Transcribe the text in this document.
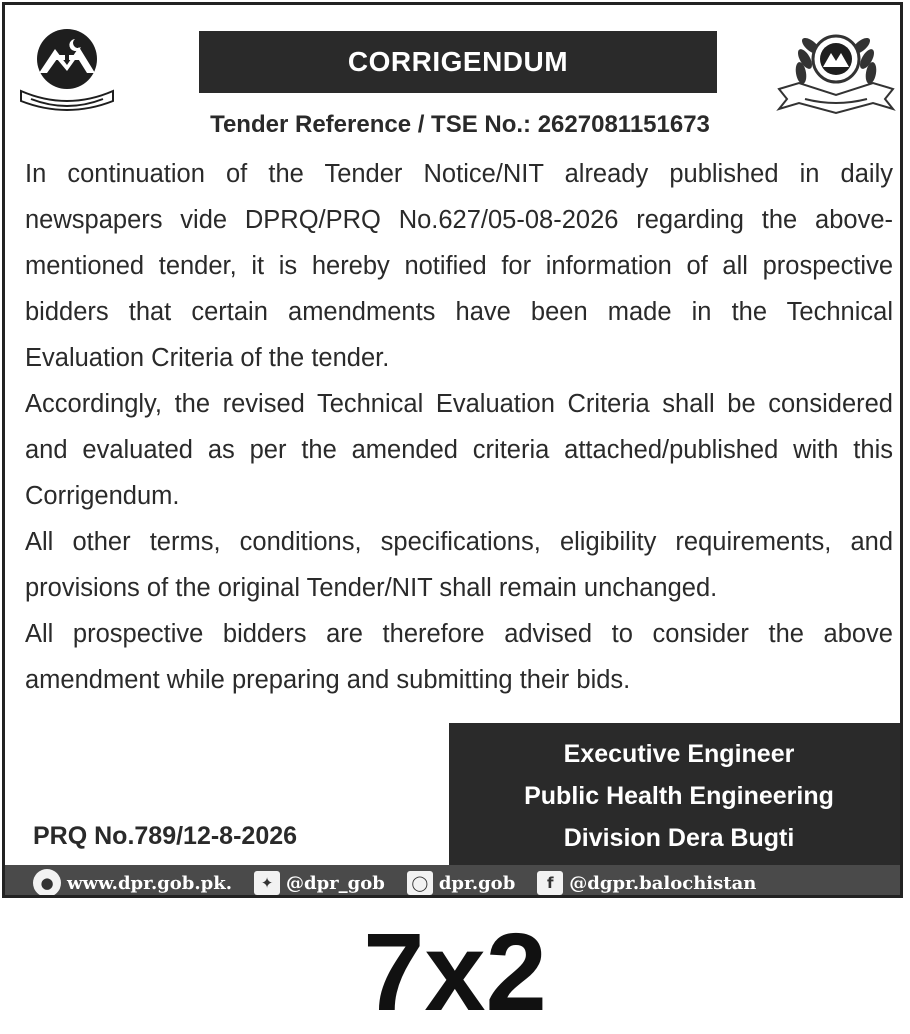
CORRIGENDUM
Tender Reference / TSE No.: 2627081151673

In continuation of the Tender Notice/NIT already published in daily newspapers vide DPRQ/PRQ No.627/05-08-2026 regarding the above-mentioned tender, it is hereby notified for information of all prospective bidders that certain amendments have been made in the Technical Evaluation Criteria of the tender.

Accordingly, the revised Technical Evaluation Criteria shall be considered and evaluated as per the amended criteria attached/published with this Corrigendum.

All other terms, conditions, specifications, eligibility requirements, and provisions of the original Tender/NIT shall remain unchanged.

All prospective bidders are therefore advised to consider the above amendment while preparing and submitting their bids.

Executive Engineer
Public Health Engineering
Division Dera Bugti
PRQ No.789/12-8-2026
● www.dpr.gob.pk.	✦ @dpr_gob	◯ dpr.gob	f @dgpr.balochistan
7x2
